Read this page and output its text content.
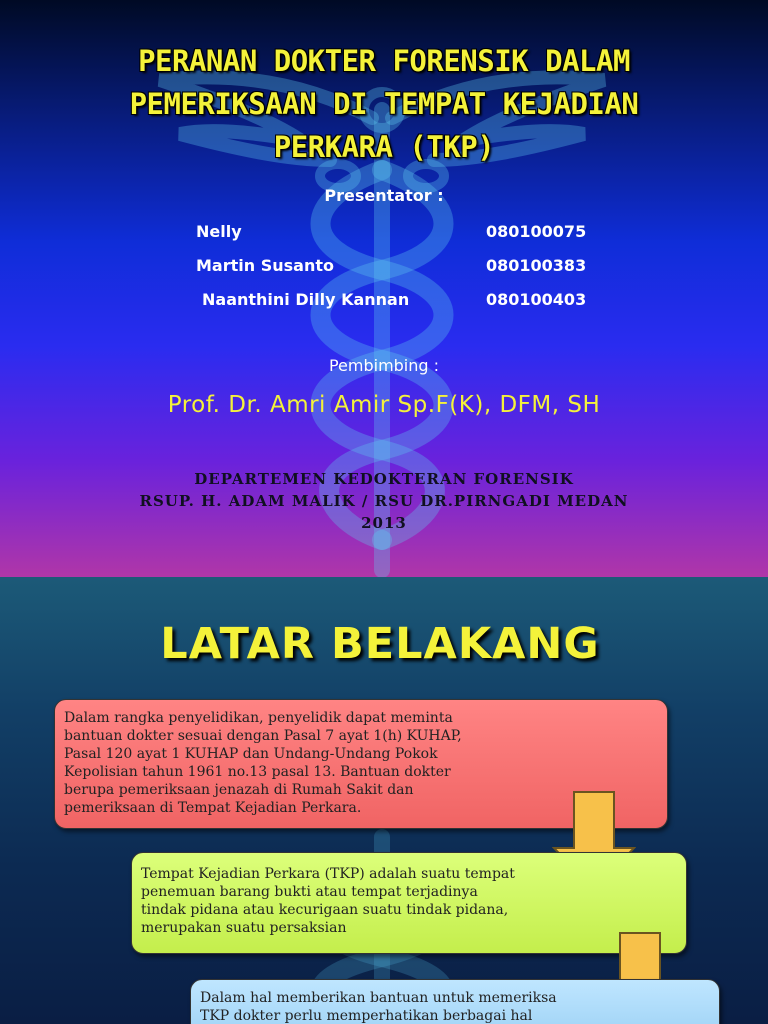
PERANAN DOKTER FORENSIK DALAM
PEMERIKSAAN DI TEMPAT KEJADIAN
PERKARA (TKP)
Presentator :
Nelly	080100075
Martin Susanto	080100383
Naanthini Dilly Kannan	080100403
Pembimbing :
Prof. Dr. Amri Amir Sp.F(K), DFM, SH
DEPARTEMEN KEDOKTERAN FORENSIK
RSUP. H. ADAM MALIK / RSU DR.PIRNGADI MEDAN
2013
LATAR BELAKANG
Dalam rangka penyelidikan, penyelidik dapat meminta
bantuan dokter sesuai dengan Pasal 7 ayat 1(h) KUHAP,
Pasal 120 ayat 1 KUHAP dan Undang-Undang Pokok
Kepolisian tahun 1961 no.13 pasal 13. Bantuan dokter
berupa pemeriksaan jenazah di Rumah Sakit dan
pemeriksaan di Tempat Kejadian Perkara.
Tempat Kejadian Perkara (TKP) adalah suatu tempat
penemuan barang bukti atau tempat terjadinya
tindak pidana atau kecurigaan suatu tindak pidana,
merupakan suatu persaksian
Dalam hal memberikan bantuan untuk memeriksa
TKP dokter perlu memperhatikan berbagai hal
